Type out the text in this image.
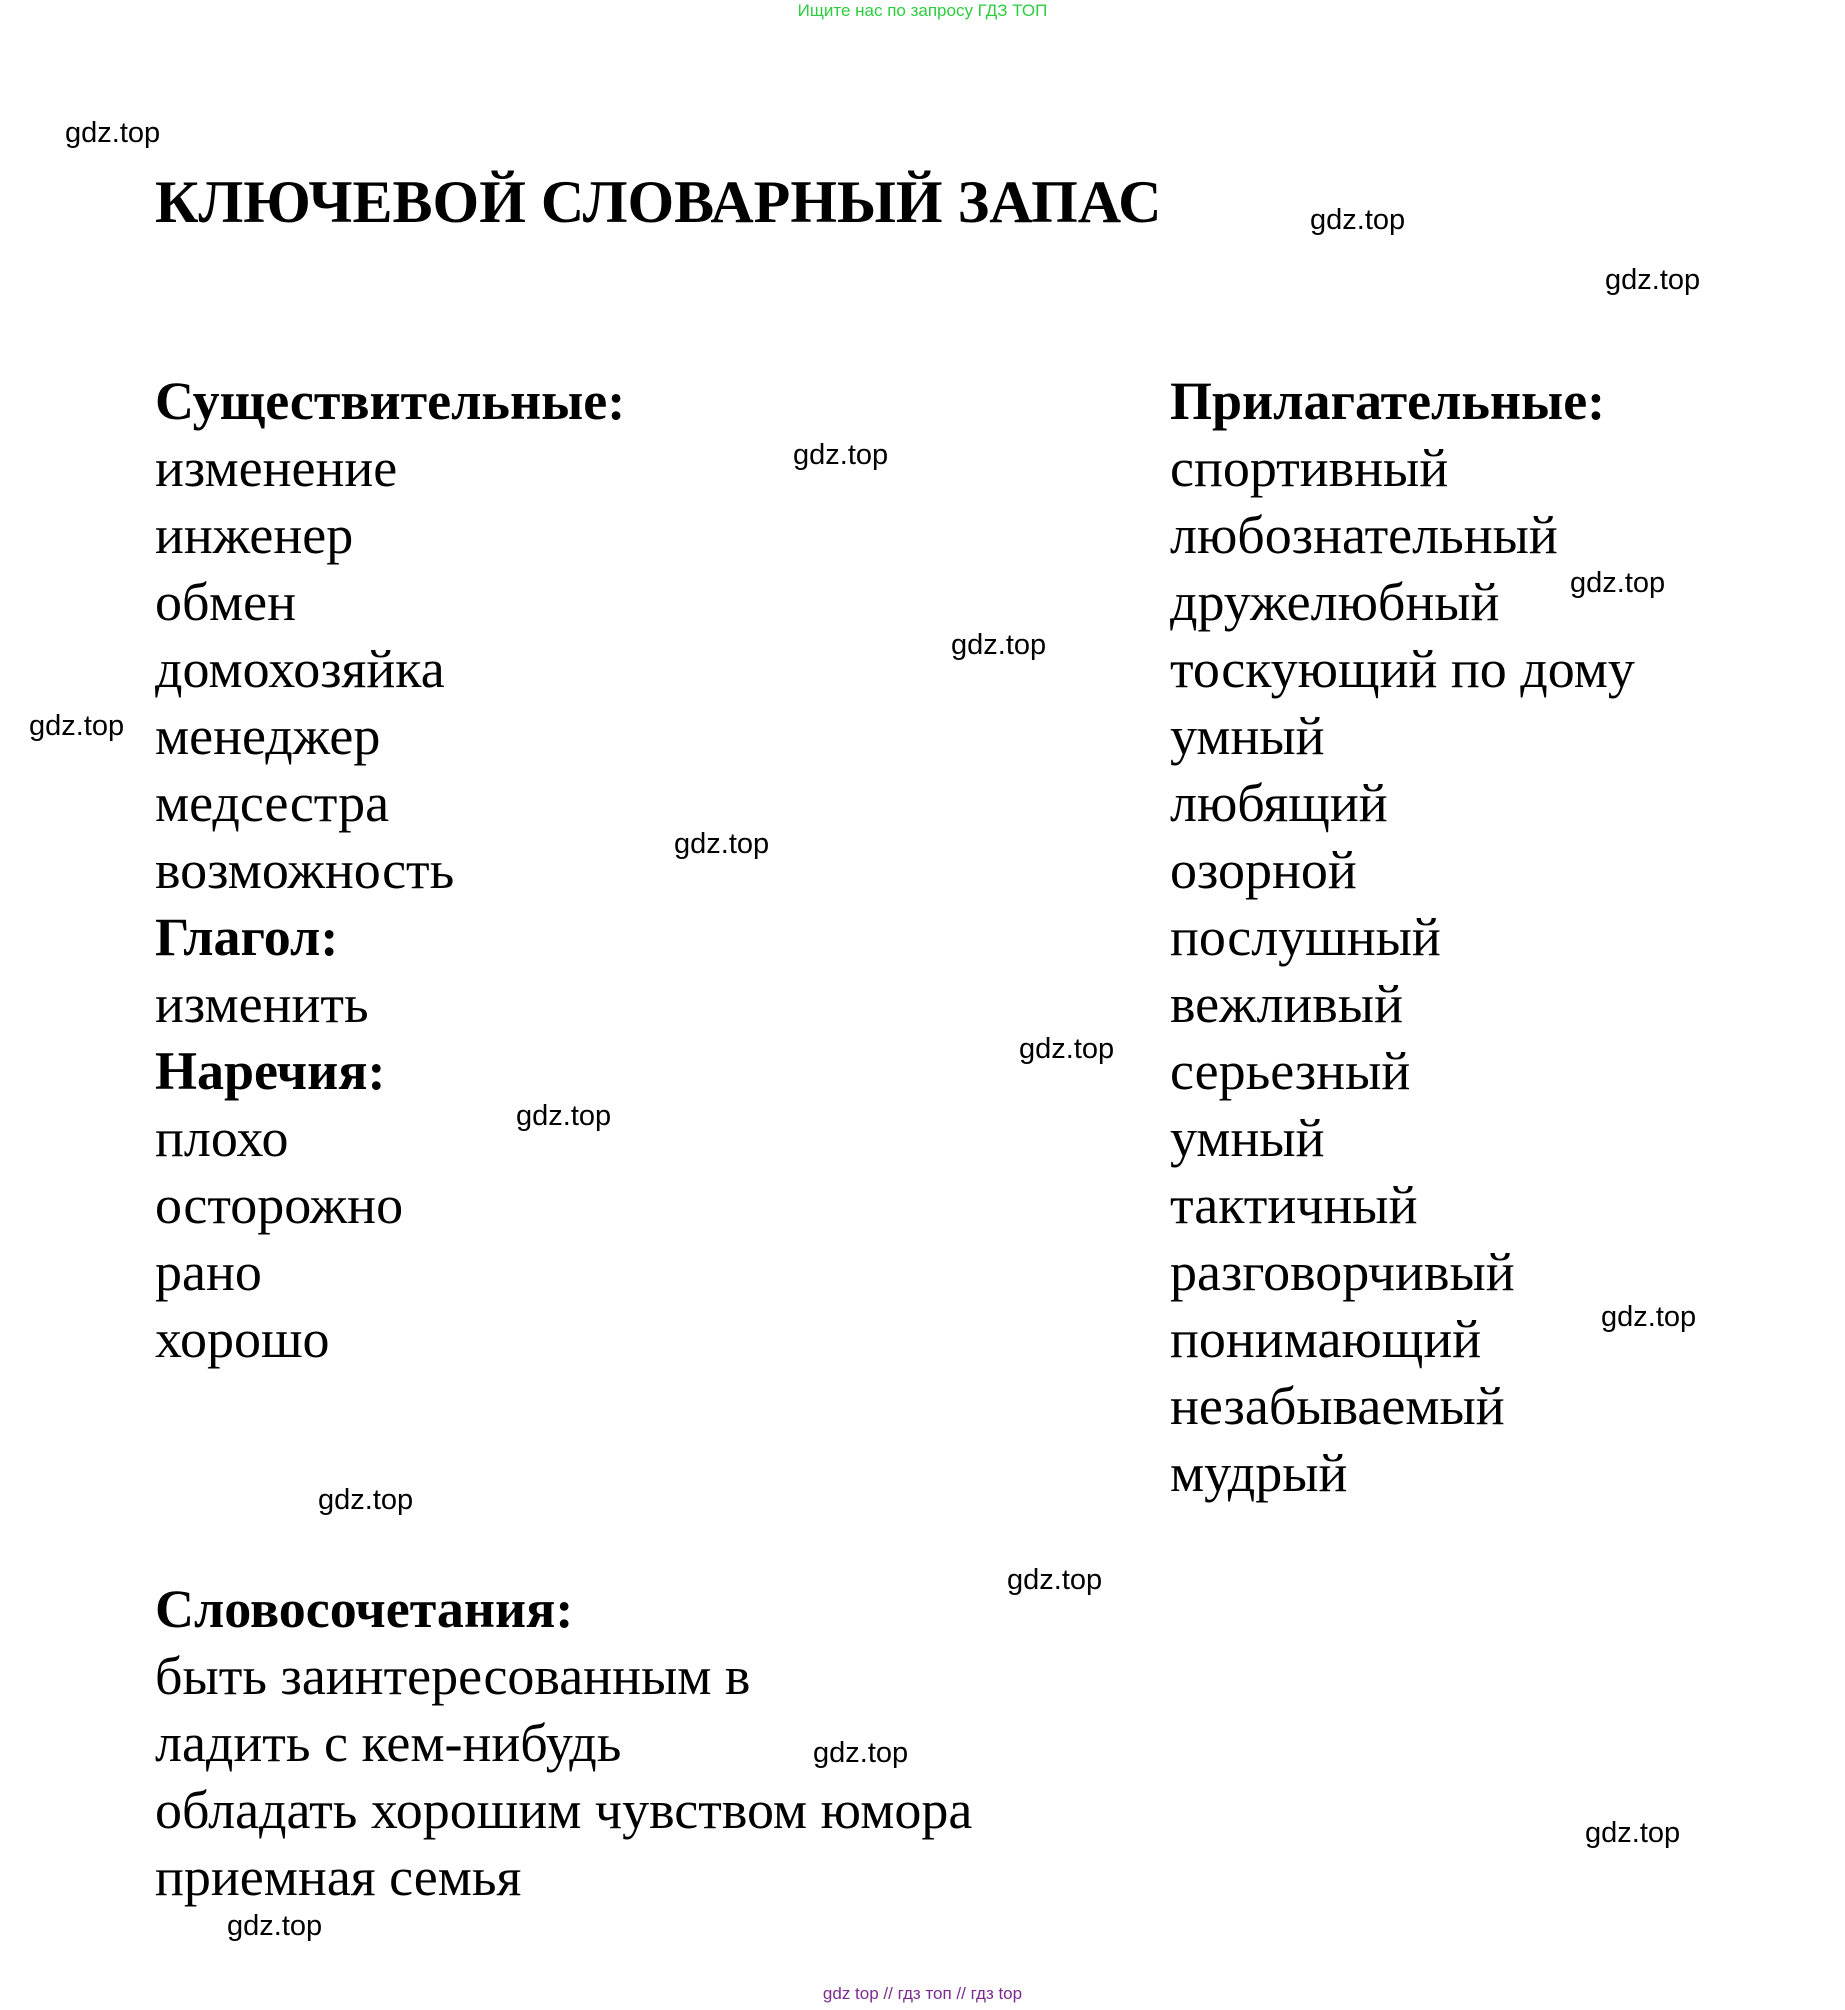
Ищите нас по запросу ГДЗ ТОП
КЛЮЧЕВОЙ СЛОВАРНЫЙ ЗАПАС
Существительные:
изменение
инженер
обмен
домохозяйка
менеджер
медсестра
возможность
Глагол:
изменить
Наречия:
плохо
осторожно
рано
хорошо
Прилагательные:
спортивный
любознательный
дружелюбный
тоскующий по дому
умный
любящий
озорной
послушный
вежливый
серьезный
умный
тактичный
разговорчивый
понимающий
незабываемый
мудрый
Словосочетания:
быть заинтересованным в
ладить с кем-нибудь
обладать хорошим чувством юмора
приемная семья
gdz.top
gdz.top
gdz.top
gdz.top
gdz.top
gdz.top
gdz.top
gdz.top
gdz.top
gdz.top
gdz.top
gdz.top
gdz.top
gdz.top
gdz.top
gdz.top
gdz top // гдз топ // гдз top
